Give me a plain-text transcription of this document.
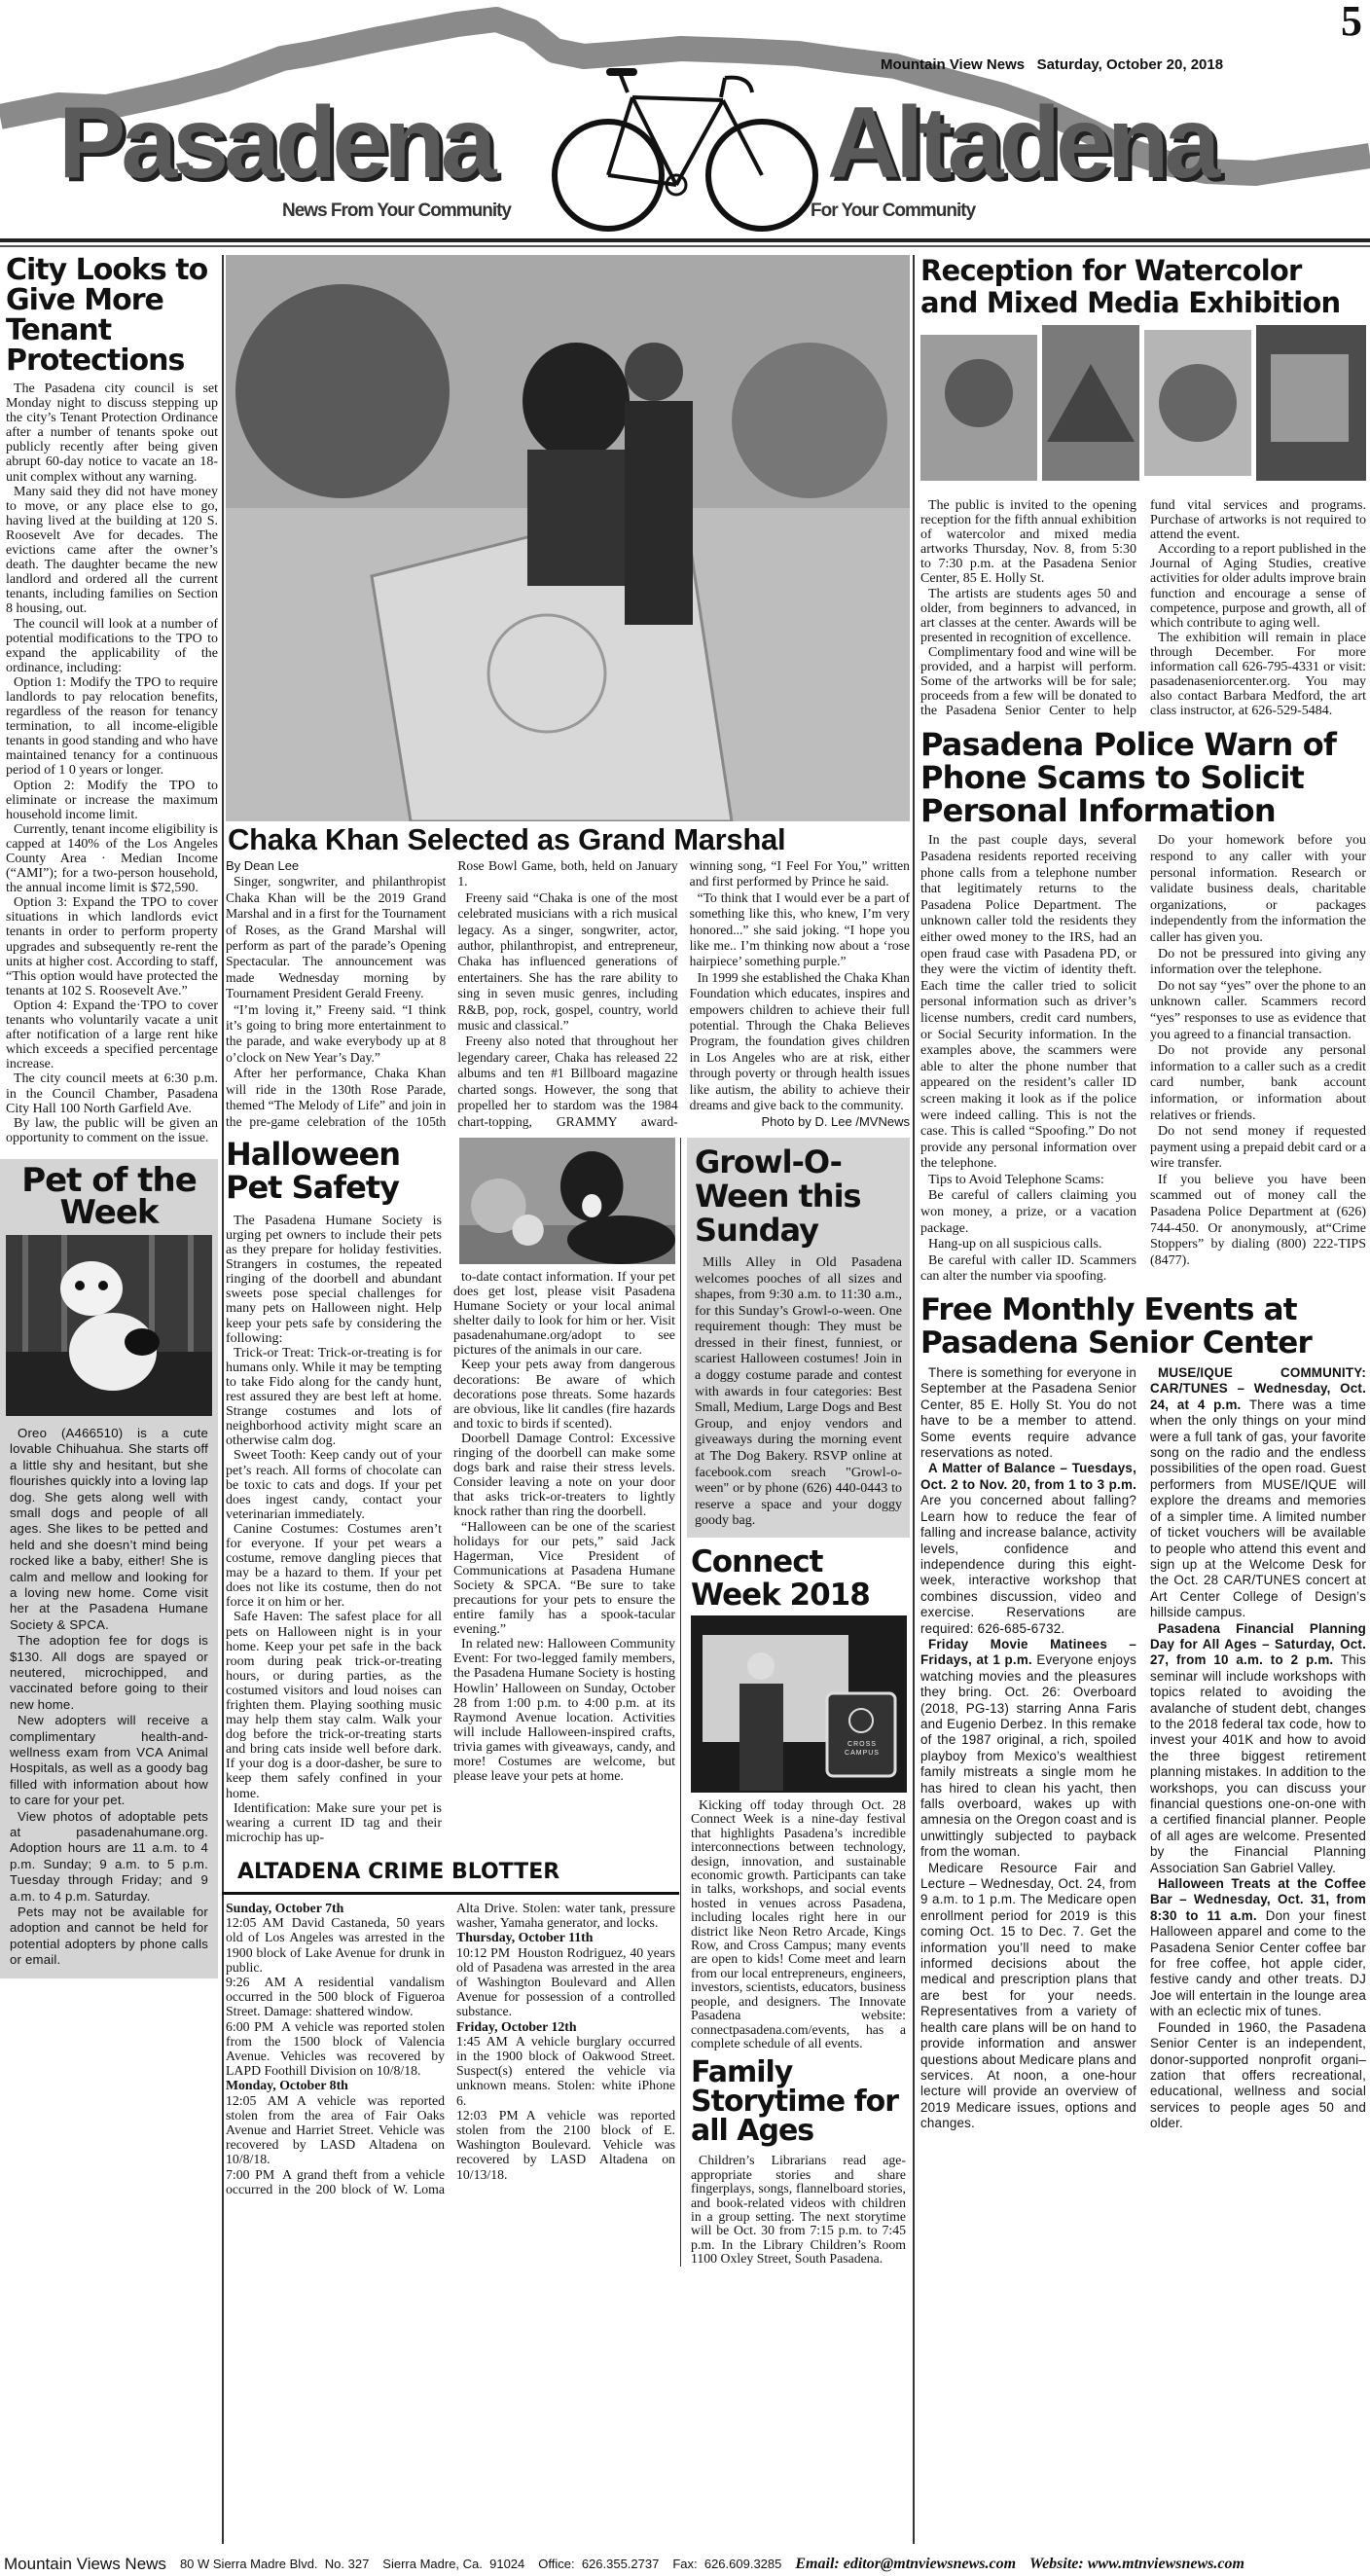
5
Mountain View News   Saturday, October 20, 2018
Pasadena	Altadena
News From Your Community	For Your Community
City Looks to Give More Tenant Protections

The Pasadena city council is set Monday night to discuss stepping up the city’s Tenant Protection Ordinance after a number of tenants spoke out publicly recently after being given abrupt 60-day notice to vacate an 18-unit complex without any warning.

Many said they did not have money to move, or any place else to go, having lived at the building at 120 S. Roosevelt Ave for decades. The evictions came after the owner’s death. The daughter became the new landlord and ordered all the current tenants, including families on Section 8 housing, out.

The council will look at a number of potential modifications to the TPO to expand the applicability of the ordinance, including:

Option 1: Modify the TPO to require landlords to pay relocation benefits, regardless of the reason for tenancy termination, to all income-eligible tenants in good standing and who have maintained tenancy for a continuous period of 1 0 years or longer.

Option 2: Modify the TPO to eliminate or increase the maximum household income limit.

Currently, tenant income eligibility is capped at 140% of the Los Angeles County Area · Median Income (“AMI”); for a two-person household, the annual income limit is $72,590.

Option 3: Expand the TPO to cover situations in which landlords evict tenants in order to perform property upgrades and subsequently re-rent the units at higher cost. According to staff, “This option would have protected the tenants at 102 S. Roosevelt Ave.”

Option 4: Expand the·TPO to cover tenants who voluntarily vacate a unit after notification of a large rent hike which exceeds a specified percentage increase.

The city council meets at 6:30 p.m. in the Council Chamber, Pasadena City Hall 100 North Garfield Ave.

By law, the public will be given an opportunity to comment on the issue.

Pet of the Week

Oreo (A466510) is a cute lovable Chihuahua. She starts off a little shy and hesitant, but she flourishes quickly into a loving lap dog. She gets along well with small dogs and people of all ages. She likes to be petted and held and she doesn’t mind being rocked like a baby, either! She is calm and mellow and looking for a loving new home. Come visit her at the Pasadena Humane Society & SPCA.

The adoption fee for dogs is $130. All dogs are spayed or neutered, microchipped, and vaccinated before going to their new home.

New adopters will receive a complimentary health-and-wellness exam from VCA Animal Hospitals, as well as a goody bag filled with information about how to care for your pet.

View photos of adoptable pets at pasadenahumane.org. Adoption hours are 11 a.m. to 4 p.m. Sunday; 9 a.m. to 5 p.m. Tuesday through Friday; and 9 a.m. to 4 p.m. Saturday.

Pets may not be available for adoption and cannot be held for potential adopters by phone calls or email.

Chaka Khan Selected as Grand Marshal
By Dean Lee

Singer, songwriter, and philanthropist Chaka Khan will be the 2019 Grand Marshal and in a first for the Tournament of Roses, as the Grand Marshal will perform as part of the parade’s Opening Spectacular. The announcement was made Wednesday morning by Tournament President Gerald Freeny.

“I’m loving it,” Freeny said. “I think it’s going to bring more entertainment to the parade, and wake everybody up at 8 o’clock on New Year’s Day.”

After her performance, Chaka Khan will ride in the 130th Rose Parade, themed “The Melody of Life” and join in the pre-game celebration of the 105th Rose Bowl Game, both, held on January 1.

Freeny said “Chaka is one of the most celebrated musicians with a rich musical legacy. As a singer, songwriter, actor, author, philanthropist, and entrepreneur, Chaka has influenced generations of entertainers. She has the rare ability to sing in seven music genres, including R&B, pop, rock, gospel, country, world music and classical.”

Freeny also noted that throughout her legendary career, Chaka has released 22 albums and ten #1 Billboard magazine charted songs. However, the song that propelled her to stardom was the 1984 chart-topping, GRAMMY award-winning song, “I Feel For You,” written and first performed by Prince he said.

“To think that I would ever be a part of something like this, who knew, I’m very honored...” she said joking. “I hope you like me.. I’m thinking now about a ‘rose hairpiece’ something purple.”

In 1999 she established the Chaka Khan Foundation which educates, inspires and empowers children to achieve their full potential. Through the Chaka Believes Program, the foundation gives children in Los Angeles who are at risk, either through poverty or through health issues like autism, the ability to achieve their dreams and give back to the community.

Photo by D. Lee /MVNews
Halloween Pet Safety

The Pasadena Humane Society is urging pet owners to include their pets as they prepare for holiday festivities. Strangers in costumes, the repeated ringing of the doorbell and abundant sweets pose special challenges for many pets on Halloween night. Help keep your pets safe by considering the following:

Trick-or Treat: Trick-or-treating is for humans only. While it may be tempting to take Fido along for the candy hunt, rest assured they are best left at home. Strange costumes and lots of neighborhood activity might scare an otherwise calm dog.

Sweet Tooth: Keep candy out of your pet’s reach. All forms of chocolate can be toxic to cats and dogs. If your pet does ingest candy, contact your veterinarian immediately.

Canine Costumes: Costumes aren’t for everyone. If your pet wears a costume, remove dangling pieces that may be a hazard to them. If your pet does not like its costume, then do not force it on him or her.

Safe Haven: The safest place for all pets on Halloween night is in your home. Keep your pet safe in the back room during peak trick-or-treating hours, or during parties, as the costumed visitors and loud noises can frighten them. Playing soothing music may help them stay calm. Walk your dog before the trick-or-treating starts and bring cats inside well before dark. If your dog is a door-dasher, be sure to keep them safely confined in your home.

Identification: Make sure your pet is wearing a current ID tag and their microchip has up-

to-date contact information. If your pet does get lost, please visit Pasadena Humane Society or your local animal shelter daily to look for him or her. Visit pasadenahumane.org/adopt to see pictures of the animals in our care.

Keep your pets away from dangerous decorations: Be aware of which decorations pose threats. Some hazards are obvious, like lit candles (fire hazards and toxic to birds if scented).

Doorbell Damage Control: Excessive ringing of the doorbell can make some dogs bark and raise their stress levels. Consider leaving a note on your door that asks trick-or-treaters to lightly knock rather than ring the doorbell.

“Halloween can be one of the scariest holidays for our pets,” said Jack Hagerman, Vice President of Communications at Pasadena Humane Society & SPCA. “Be sure to take precautions for your pets to ensure the entire family has a spook-tacular evening.”

In related new: Halloween Community Event: For two-legged family members, the Pasadena Humane Society is hosting Howlin’ Halloween on Sunday, October 28 from 1:00 p.m. to 4:00 p.m. at its Raymond Avenue location. Activities will include Halloween-inspired crafts, trivia games with giveaways, candy, and more! Costumes are welcome, but please leave your pets at home.

ALTADENA CRIME BLOTTER

Sunday, October 7th

12:05 AM David Castaneda, 50 years old of Los Angeles was arrested in the 1900 block of Lake Avenue for drunk in public.

9:26 AM A residential vandalism occurred in the 500 block of Figueroa Street. Damage: shattered window.

6:00 PM A vehicle was reported stolen from the 1500 block of Valencia Avenue. Vehicles was recovered by LAPD Foothill Division on 10/8/18.

Monday, October 8th

12:05 AM A vehicle was reported stolen from the area of Fair Oaks Avenue and Harriet Street. Vehicle was recovered by LASD Altadena on 10/8/18.

7:00 PM A grand theft from a vehicle occurred in the 200 block of W. Loma Alta Drive. Stolen: water tank, pressure washer, Yamaha generator, and locks.

Thursday, October 11th

10:12 PM Houston Rodriguez, 40 years old of Pasadena was arrested in the area of Washington Boulevard and Allen Avenue for possession of a controlled substance.

Friday, October 12th

1:45 AM A vehicle burglary occurred in the 1900 block of Oakwood Street. Suspect(s) entered the vehicle via unknown means. Stolen: white iPhone 6.

12:03 PM A vehicle was reported stolen from the 2100 block of E. Washington Boulevard. Vehicle was recovered by LASD Altadena on 10/13/18.

Growl-O-Ween this Sunday

Mills Alley in Old Pasadena welcomes pooches of all sizes and shapes, from 9:30 a.m. to 11:30 a.m., for this Sunday’s Growl-o-ween. One requirement though: They must be dressed in their finest, funniest, or scariest Halloween costumes! Join in a doggy costume parade and contest with awards in four categories: Best Small, Medium, Large Dogs and Best Group, and enjoy vendors and giveaways during the morning event at The Dog Bakery. RSVP online at facebook.com sreach "Growl-o-ween" or by phone (626) 440-0443 to reserve a space and your doggy goody bag.

Connect Week 2018
CROSS CAMPUS

Kicking off today through Oct. 28 Connect Week is a nine-day festival that highlights Pasadena’s incredible interconnections between technology, design, innovation, and sustainable economic growth. Participants can take in talks, workshops, and social events hosted in venues across Pasadena, including locales right here in our district like Neon Retro Arcade, Kings Row, and Cross Campus; many events are open to kids! Come meet and learn from our local entrepreneurs, engineers, investors, scientists, educators, business people, and designers. The Innovate Pasadena website: connectpasadena.com/events, has a complete schedule of all events.

Family Storytime for all Ages

Children’s Librarians read age-appropriate stories and share fingerplays, songs, flannelboard stories, and book-related videos with children in a group setting. The next storytime will be Oct. 30 from 7:15 p.m. to 7:45 p.m. In the Library Children’s Room 1100 Oxley Street, South Pasadena.

Reception for Watercolor and Mixed Media Exhibition

The public is invited to the opening reception for the fifth annual exhibition of watercolor and mixed media artworks Thursday, Nov. 8, from 5:30 to 7:30 p.m. at the Pasadena Senior Center, 85 E. Holly St.

The artists are students ages 50 and older, from beginners to advanced, in art classes at the center. Awards will be presented in recognition of excellence.

Complimentary food and wine will be provided, and a harpist will perform. Some of the artworks will be for sale; proceeds from a few will be donated to the Pasadena Senior Center to help fund vital services and programs. Purchase of artworks is not required to attend the event.

According to a report published in the Journal of Aging Studies, creative activities for older adults improve brain function and encourage a sense of competence, purpose and growth, all of which contribute to aging well.

The exhibition will remain in place through December. For more information call 626-795-4331 or visit: pasadenaseniorcenter.org. You may also contact Barbara Medford, the art class instructor, at 626-529-5484.

Pasadena Police Warn of Phone Scams to Solicit Personal Information

In the past couple days, several Pasadena residents reported receiving phone calls from a telephone number that legitimately returns to the Pasadena Police Department. The unknown caller told the residents they either owed money to the IRS, had an open fraud case with Pasadena PD, or they were the victim of identity theft. Each time the caller tried to solicit personal information such as driver’s license numbers, credit card numbers, or Social Security information. In the examples above, the scammers were able to alter the phone number that appeared on the resident’s caller ID screen making it look as if the police were indeed calling. This is not the case. This is called “Spoofing.” Do not provide any personal information over the telephone.

Tips to Avoid Telephone Scams:

Be careful of callers claiming you won money, a prize, or a vacation package.

Hang-up on all suspicious calls.

Be careful with caller ID. Scammers can alter the number via spoofing.

Do your homework before you respond to any caller with your personal information. Research or validate business deals, charitable organizations, or packages independently from the information the caller has given you.

Do not be pressured into giving any information over the telephone.

Do not say “yes” over the phone to an unknown caller. Scammers record “yes” responses to use as evidence that you agreed to a financial transaction.

Do not provide any personal information to a caller such as a credit card number, bank account information, or information about relatives or friends.

Do not send money if requested payment using a prepaid debit card or a wire transfer.

If you believe you have been scammed out of money call the Pasadena Police Department at (626) 744-450. Or anonymously, at“Crime Stoppers” by dialing (800) 222-TIPS (8477).

Free Monthly Events at Pasadena Senior Center

There is something for everyone in September at the Pasadena Senior Center, 85 E. Holly St. You do not have to be a member to attend. Some events require advance reservations as noted.

A Matter of Balance – Tuesdays, Oct. 2 to Nov. 20, from 1 to 3 p.m. Are you concerned about falling? Learn how to reduce the fear of falling and increase balance, activity levels, confidence and independence during this eight-week, interactive workshop that combines discussion, video and exercise. Reservations are required: 626-685-6732.

Friday Movie Matinees – Fridays, at 1 p.m. Everyone enjoys watching movies and the pleasures they bring. Oct. 26: Overboard (2018, PG-13) starring Anna Faris and Eugenio Derbez. In this remake of the 1987 original, a rich, spoiled playboy from Mexico’s wealthiest family mistreats a single mom he has hired to clean his yacht, then falls overboard, wakes up with amnesia on the Oregon coast and is unwittingly subjected to payback from the woman.

Medicare Resource Fair and Lecture – Wednesday, Oct. 24, from 9 a.m. to 1 p.m. The Medicare open enrollment period for 2019 is this coming Oct. 15 to Dec. 7. Get the information you’ll need to make informed decisions about the medical and prescription plans that are best for your needs. Representatives from a variety of health care plans will be on hand to provide information and answer questions about Medicare plans and services. At noon, a one-hour lecture will provide an overview of 2019 Medicare issues, options and changes.

MUSE/IQUE COMMUNITY: CAR/TUNES – Wednesday, Oct. 24, at 4 p.m. There was a time when the only things on your mind were a full tank of gas, your favorite song on the radio and the endless possibilities of the open road. Guest performers from MUSE/IQUE will explore the dreams and memories of a simpler time. A limited number of ticket vouchers will be available to people who attend this event and sign up at the Welcome Desk for the Oct. 28 CAR/TUNES concert at Art Center College of Design’s hillside campus.

Pasadena Financial Planning Day for All Ages – Saturday, Oct. 27, from 10 a.m. to 2 p.m. This seminar will include workshops with topics related to avoiding the avalanche of student debt, changes to the 2018 federal tax code, how to invest your 401K and how to avoid the three biggest retirement planning mistakes. In addition to the workshops, you can discuss your financial questions one-on-one with a certified financial planner. People of all ages are welcome. Presented by the Financial Planning Association San Gabriel Valley.

Halloween Treats at the Coffee Bar – Wednesday, Oct. 31, from 8:30 to 11 a.m. Don your finest Halloween apparel and come to the Pasadena Senior Center coffee bar for free coffee, hot apple cider, festive candy and other treats. DJ Joe will entertain in the lounge area with an eclectic mix of tunes.

Founded in 1960, the Pasadena Senior Center is an independent, donor-supported nonprofit organi–zation that offers recreational, educational, wellness and social services to people ages 50 and older.

Mountain Views News 80 W Sierra Madre Blvd.  No. 327 Sierra Madre, Ca.  91024 Office:  626.355.2737 Fax:  626.609.3285 Email: editor@mtnviewsnews.com Website: www.mtnviewsnews.com
